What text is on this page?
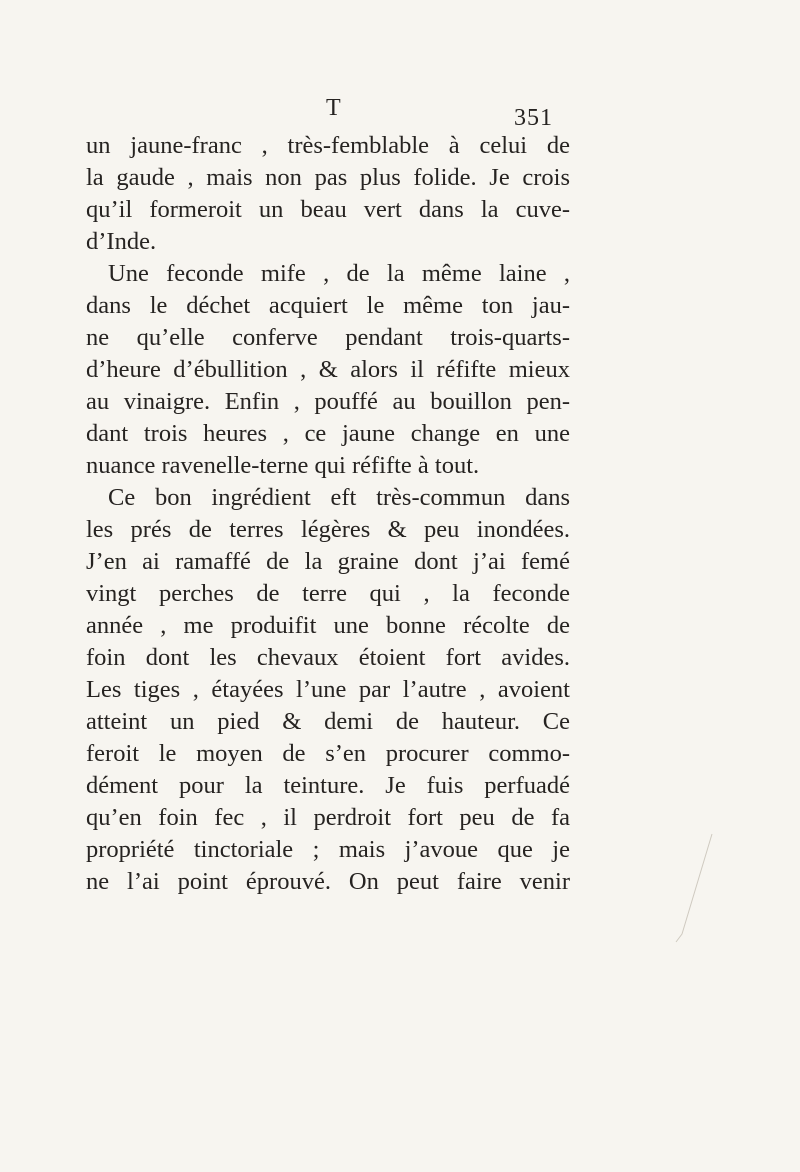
T	351
un jaune-franc , très-femblable à celui de
la gaude , mais non pas plus folide. Je crois
qu’il formeroit un beau vert dans la cuve-
d’Inde.
Une feconde mife , de la même laine ,
dans le déchet acquiert le même ton jau-
ne qu’elle conferve pendant trois-quarts-
d’heure d’ébullition , & alors il réfifte mieux
au vinaigre. Enfin , pouffé au bouillon pen-
dant trois heures , ce jaune change en une
nuance ravenelle-terne qui réfifte à tout.
Ce bon ingrédient eft très-commun dans
les prés de terres légères & peu inondées.
J’en ai ramaffé de la graine dont j’ai femé
vingt perches de terre qui , la feconde
année , me produifit une bonne récolte de
foin dont les chevaux étoient fort avides.
Les tiges , étayées l’une par l’autre , avoient
atteint un pied & demi de hauteur. Ce
feroit le moyen de s’en procurer commo-
dément pour la teinture. Je fuis perfuadé
qu’en foin fec , il perdroit fort peu de fa
propriété tinctoriale ; mais j’avoue que je
ne l’ai point éprouvé. On peut faire venir
